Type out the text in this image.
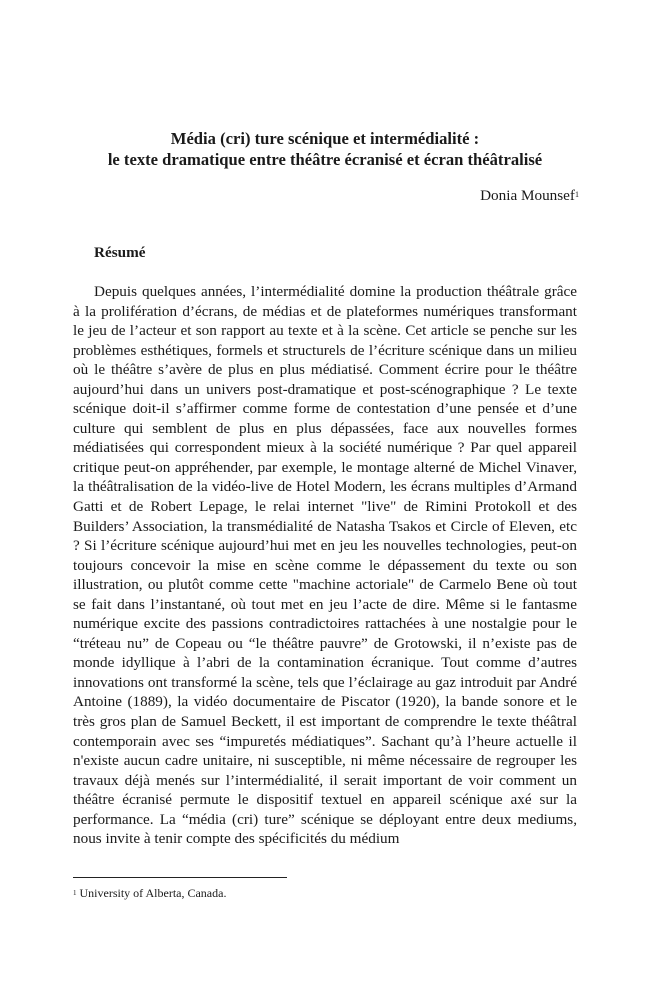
Média (cri) ture scénique et intermédialité :
le texte dramatique entre théâtre écranisé et écran théâtralisé
Donia Mounsef$^1$
Résumé

Depuis quelques années, l’intermédialité domine la production théâtrale grâce à la prolifération d’écrans, de médias et de plateformes numériques transformant le jeu de l’acteur et son rapport au texte et à la scène. Cet article se penche sur les problèmes esthétiques, formels et structurels de l’écriture scénique dans un milieu où le théâtre s’avère de plus en plus médiatisé. Comment écrire pour le théâtre aujourd’hui dans un univers post-dramatique et post-scénographique ? Le texte scénique doit-il s’affirmer comme forme de contestation d’une pensée et d’une culture qui semblent de plus en plus dépassées, face aux nouvelles formes médiatisées qui correspondent mieux à la société numérique ? Par quel appareil critique peut-on appréhender, par exemple, le montage alterné de Michel Vinaver, la théâtralisation de la vidéo-live de Hotel Modern, les écrans multiples d’Armand Gatti et de Robert Lepage, le relai internet "live" de Rimini Protokoll et des Builders’ Association, la transmédialité de Natasha Tsakos et Circle of Eleven, etc ? Si l’écriture scénique aujourd’hui met en jeu les nouvelles technologies, peut-on toujours concevoir la mise en scène comme le dépassement du texte ou son illustration, ou plutôt comme cette "machine actoriale" de Carmelo Bene où tout se fait dans l’instantané, où tout met en jeu l’acte de dire. Même si le fantasme numérique excite des passions contradictoires rattachées à une nostalgie pour le “tréteau nu” de Copeau ou “le théâtre pauvre” de Grotowski, il n’existe pas de monde idyllique à l’abri de la contamination écranique. Tout comme d’autres innovations ont transformé la scène, tels que l’éclairage au gaz introduit par André Antoine (1889), la vidéo documentaire de Piscator (1920), la bande sonore et le très gros plan de Samuel Beckett, il est important de comprendre le texte théâtral contemporain avec ses “impuretés médiatiques”. Sachant qu’à l’heure actuelle il n'existe aucun cadre unitaire, ni susceptible, ni même nécessaire de regrouper les travaux déjà menés sur l’intermédialité, il serait important de voir comment un théâtre écranisé permute le dispositif textuel en appareil scénique axé sur la performance. La “média (cri) ture” scénique se déployant entre deux mediums, nous invite à tenir compte des spécificités du médium

$^1$ University of Alberta, Canada.
